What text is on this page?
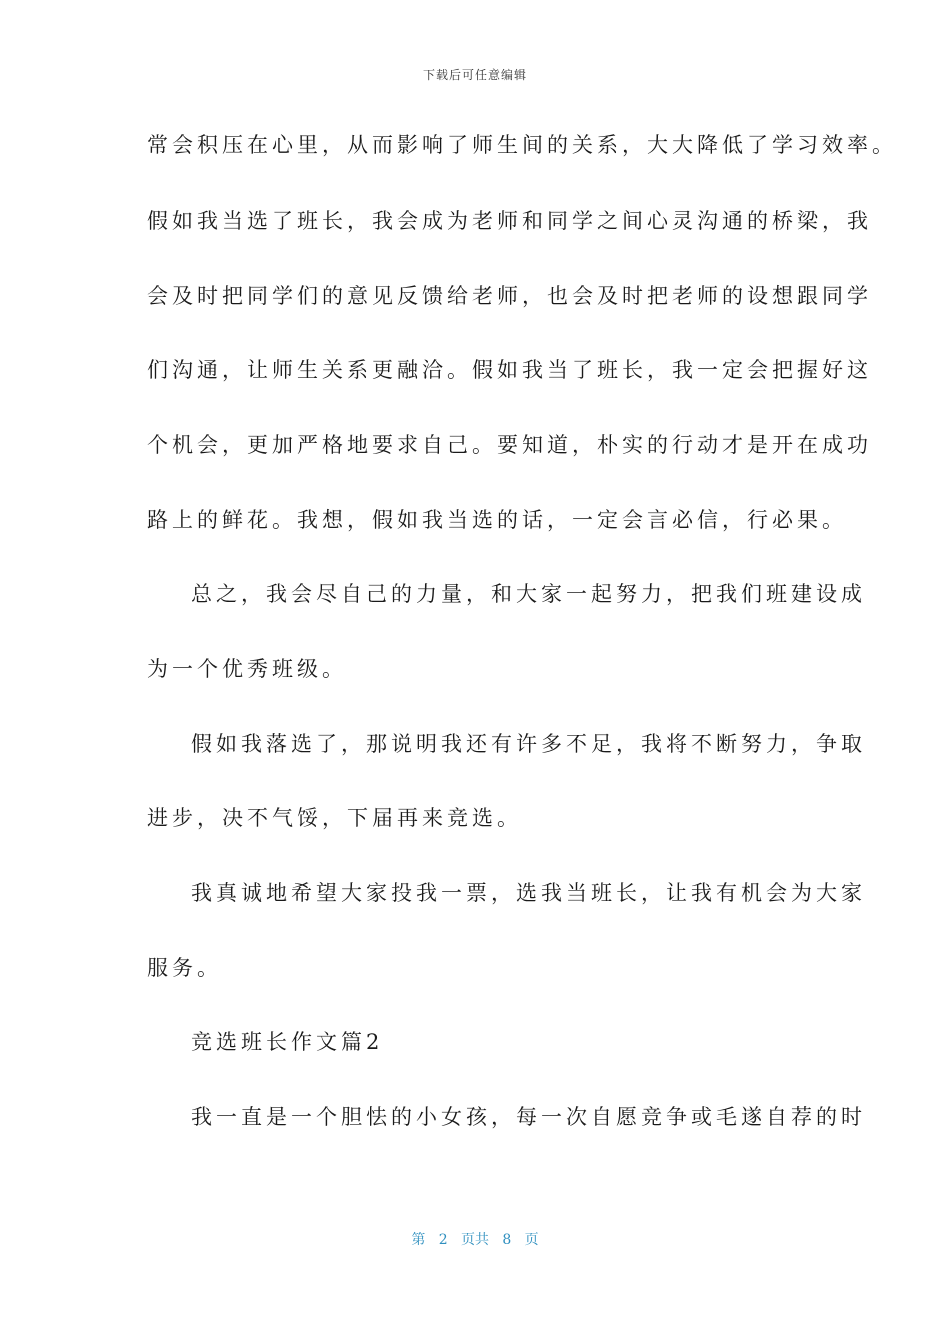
下载后可任意编辑
常会积压在心里，从而影响了师生间的关系，大大降低了学习效率。
假如我当选了班长，我会成为老师和同学之间心灵沟通的桥梁，我
会及时把同学们的意见反馈给老师，也会及时把老师的设想跟同学
们沟通，让师生关系更融洽。假如我当了班长，我一定会把握好这
个机会，更加严格地要求自己。要知道，朴实的行动才是开在成功
路上的鲜花。我想，假如我当选的话，一定会言必信，行必果。
总之，我会尽自己的力量，和大家一起努力，把我们班建设成
为一个优秀班级。
假如我落选了，那说明我还有许多不足，我将不断努力，争取
进步，决不气馁，下届再来竞选。
我真诚地希望大家投我一票，选我当班长，让我有机会为大家
服务。
竞选班长作文篇2
我一直是一个胆怯的小女孩，每一次自愿竞争或毛遂自荐的时
第 2 页共 8 页
